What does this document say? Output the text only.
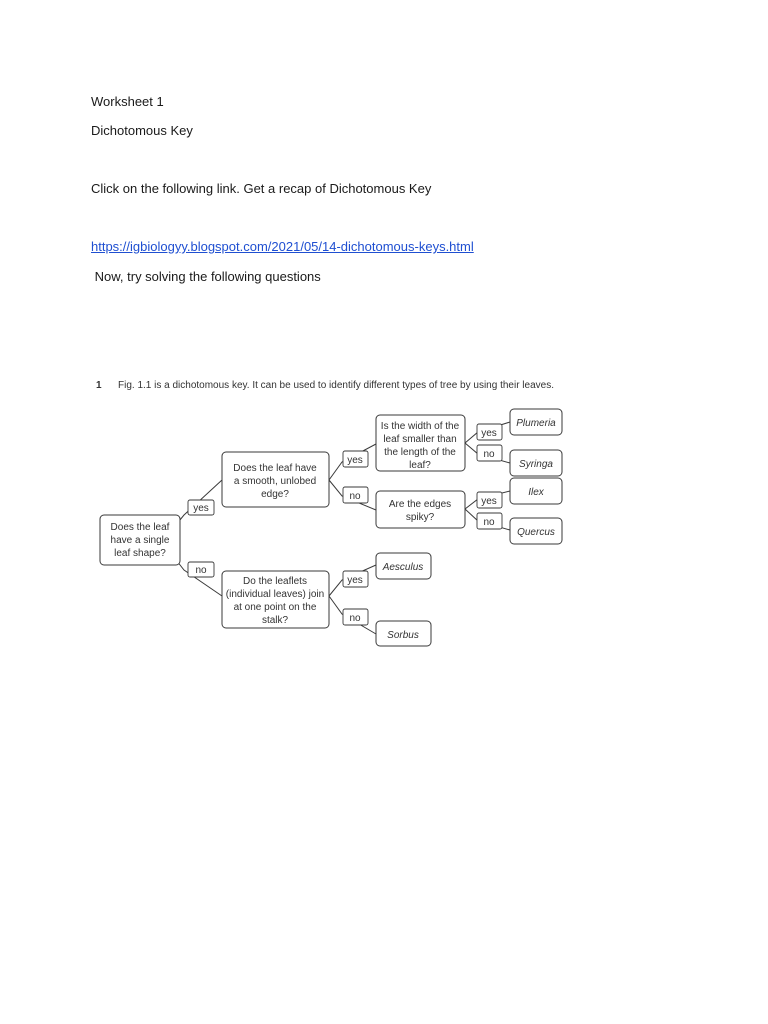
Worksheet 1
Dichotomous Key
Click on the following link. Get a recap of Dichotomous Key
https://igbiologyy.blogspot.com/2021/05/14-dichotomous-keys.html
Now, try solving the following questions
1 Fig. 1.1 is a dichotomous key. It can be used to identify different types of tree by using their leaves.
Does the leaf
have a single
leaf shape?
Does the leaf have
a smooth, unlobed
edge?
Do the leaflets
(individual leaves) join
at one point on the
stalk?
Is the width of the
leaf smaller than
the length of the
leaf?
Are the edges
spiky?
Plumeria
Syringa
Ilex
Quercus
Aesculus
Sorbus
yes
no
yes
no
yes
no
yes
no
yes
no
